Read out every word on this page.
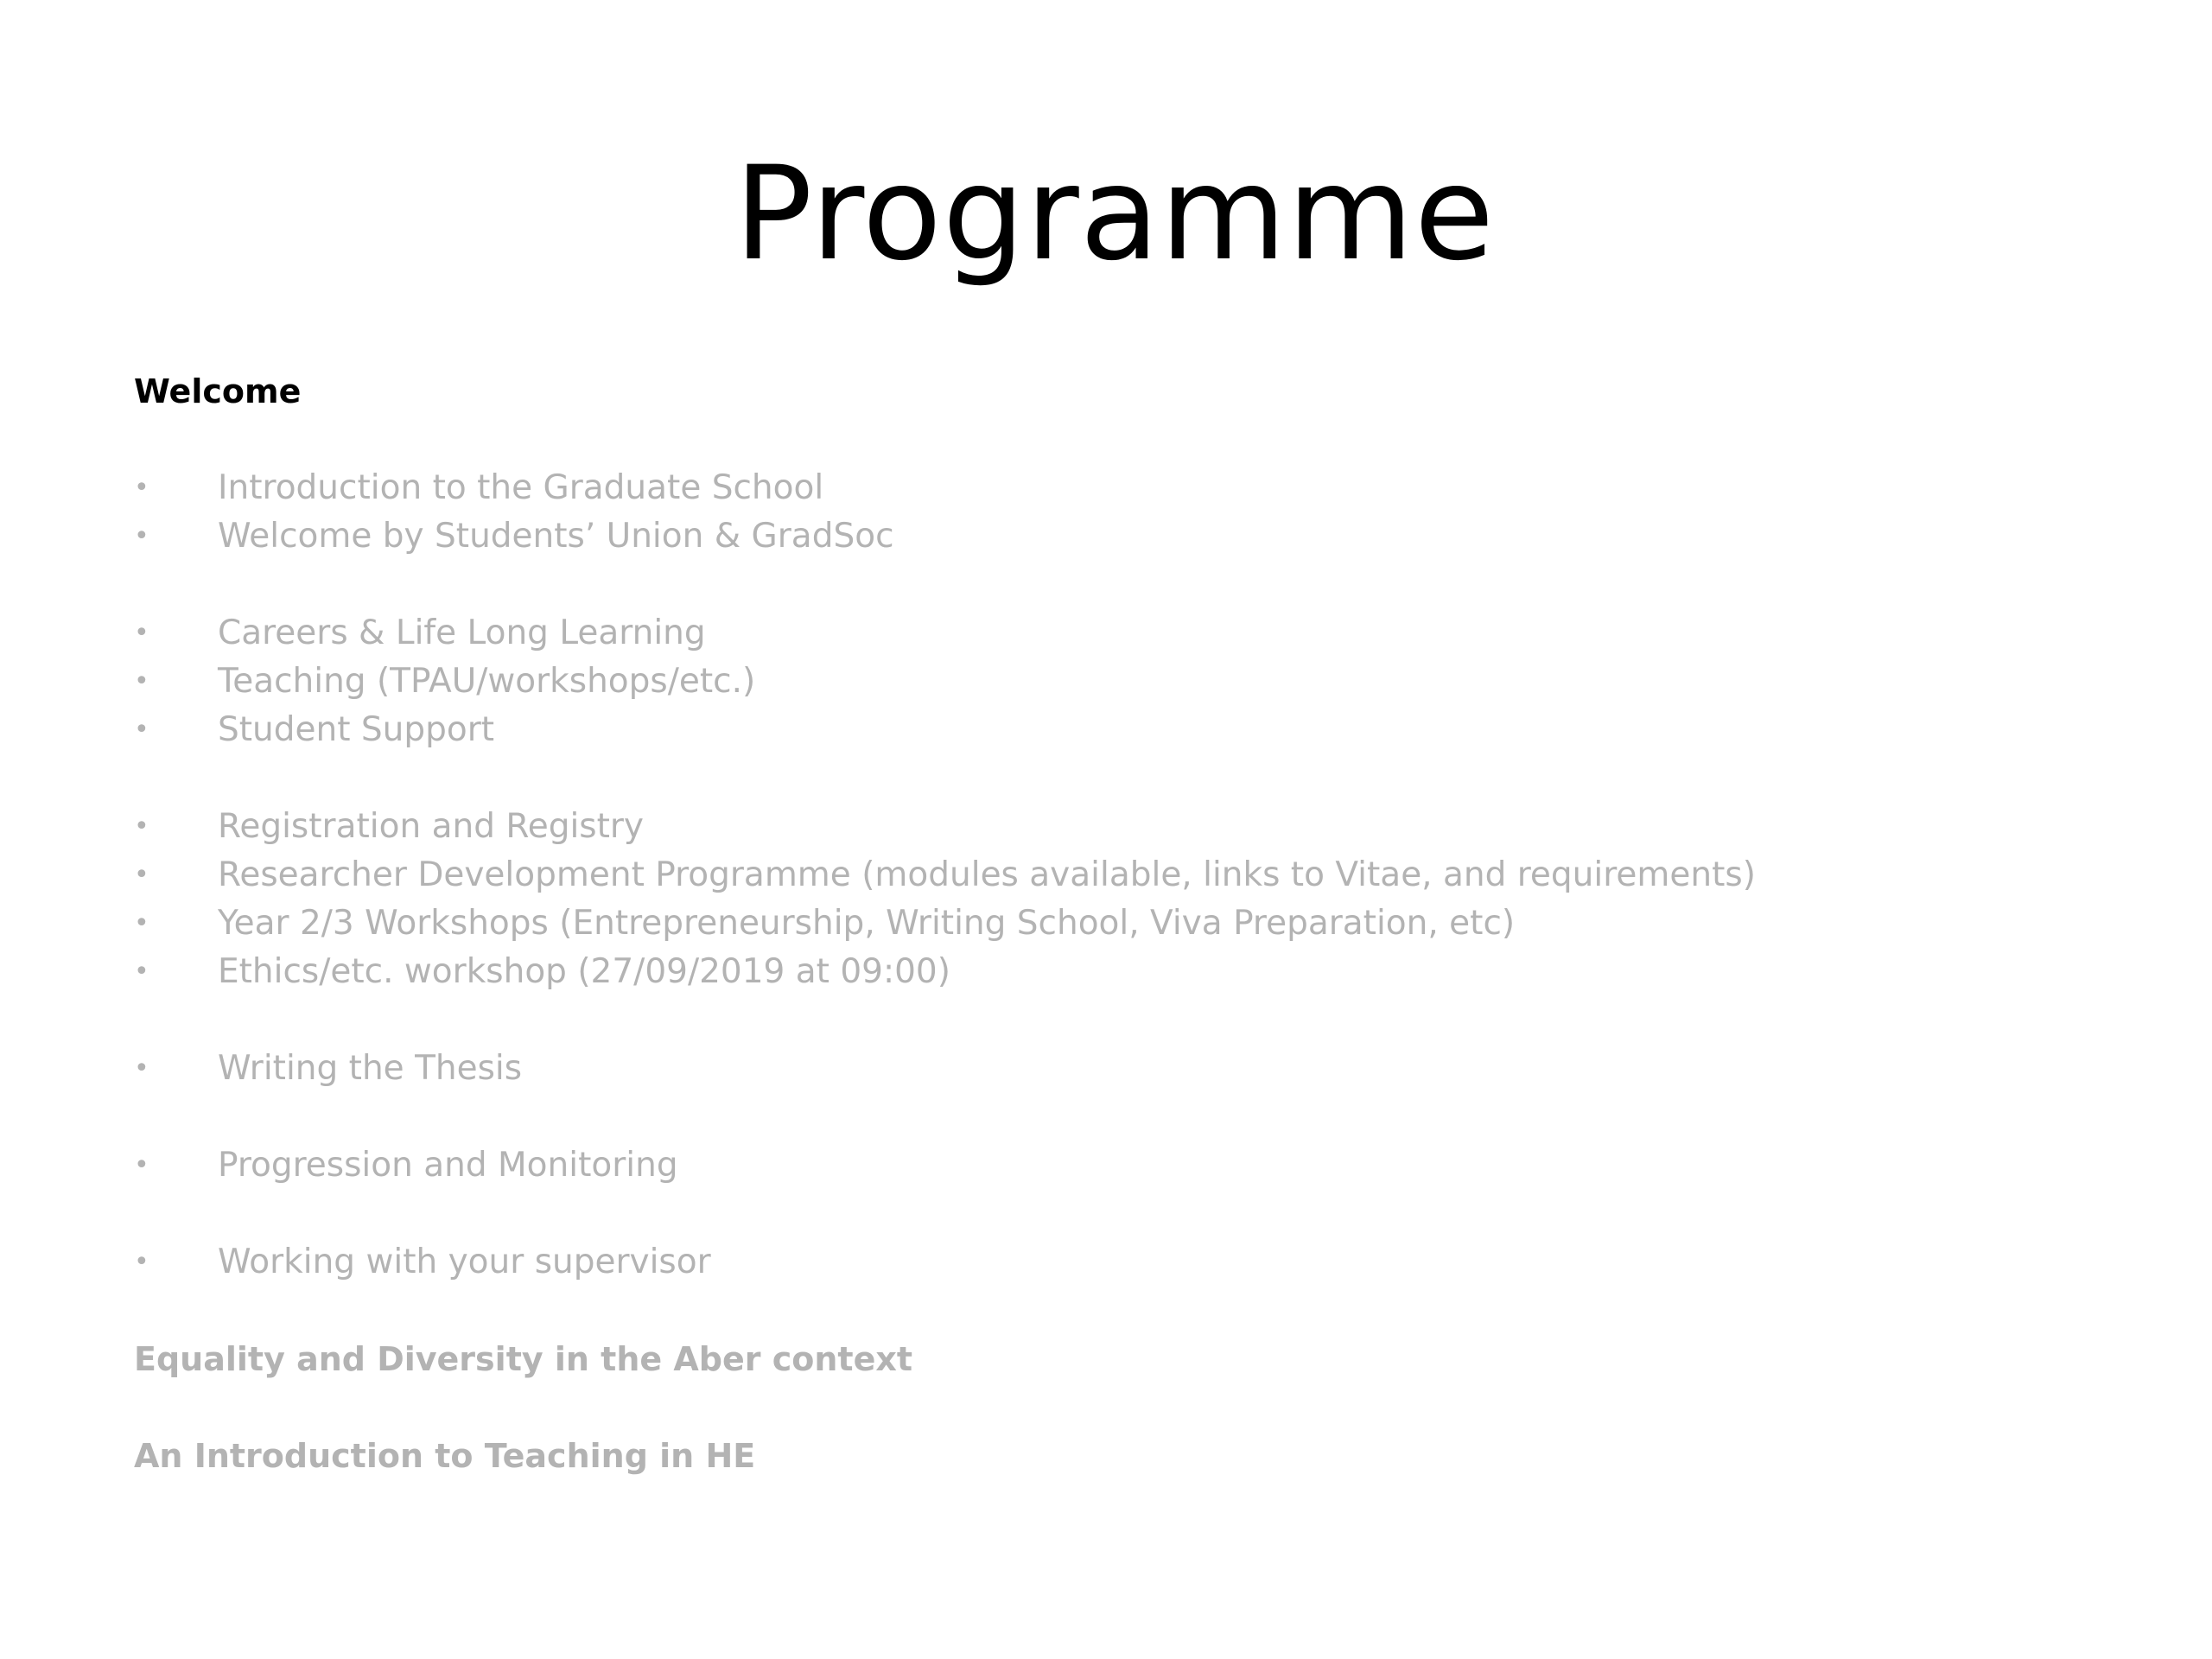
Programme
Welcome
• Introduction to the Graduate School
• Welcome by Students’ Union & GradSoc
• Careers & Life Long Learning
• Teaching (TPAU/workshops/etc.)
• Student Support
• Registration and Registry
• Researcher Development Programme (modules available, links to Vitae, and requirements)
• Year 2/3 Workshops (Entrepreneurship, Writing School, Viva Preparation, etc)
• Ethics/etc. workshop (27/09/2019 at 09:00)
• Writing the Thesis
• Progression and Monitoring
• Working with your supervisor
Equality and Diversity in the Aber context
An Introduction to Teaching in HE
